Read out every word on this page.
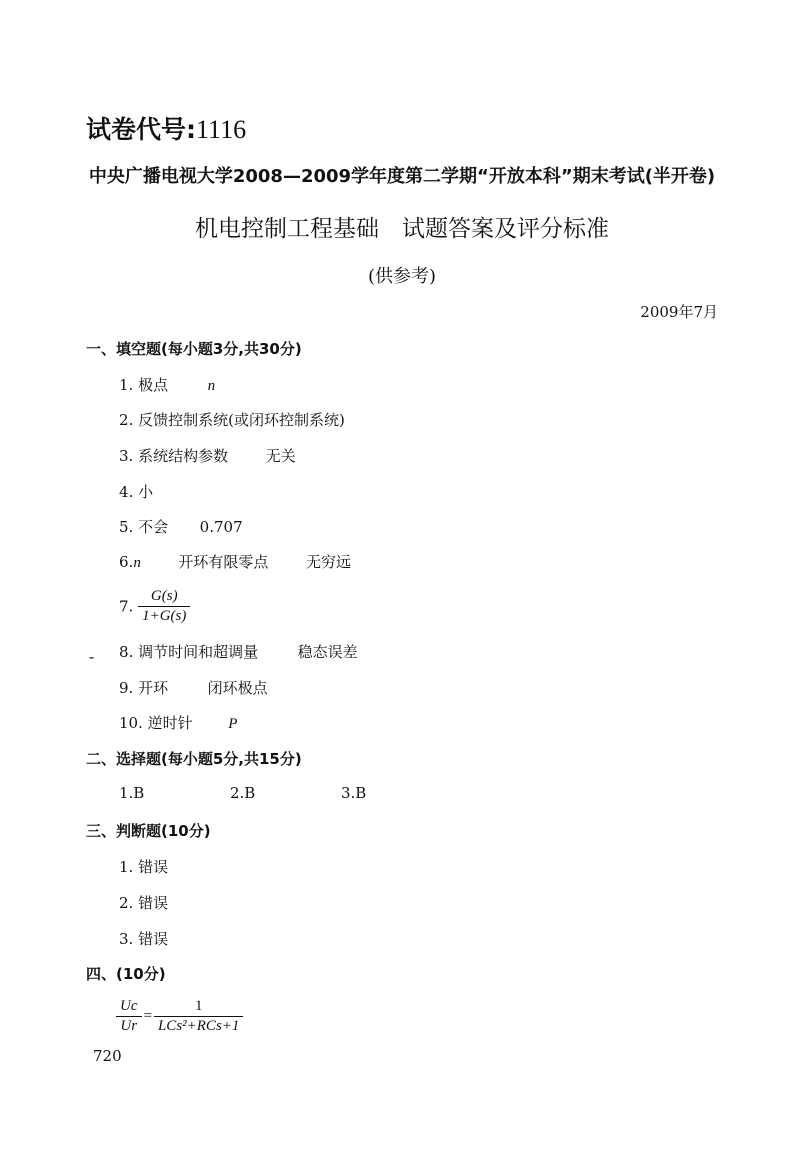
试卷代号:1116
中央广播电视大学2008—2009学年度第二学期“开放本科”期末考试(半开卷)
机电控制工程基础　试题答案及评分标准
(供参考)
2009年7月
一、填空题(每小题3分,共30分)
1. 极点	n
2. 反馈控制系统(或闭环控制系统)
3. 系统结构参数	无关
4. 小
5. 不会 0.707
6.n	开环有限零点	无穷远
7. $\frac{G(s)}{1+G(s)}$
⁃ 8. 调节时间和超调量	稳态误差
9. 开环	闭环极点
10. 逆时针 P
二、选择题(每小题5分,共15分)
1.B	2.B	3.B
三、判断题(10分)
1. 错误
2. 错误
3. 错误
四、(10分)
$\frac{Uc}{Ur} = \frac{1}{\text{LCs²+RCs+1}}$
720
